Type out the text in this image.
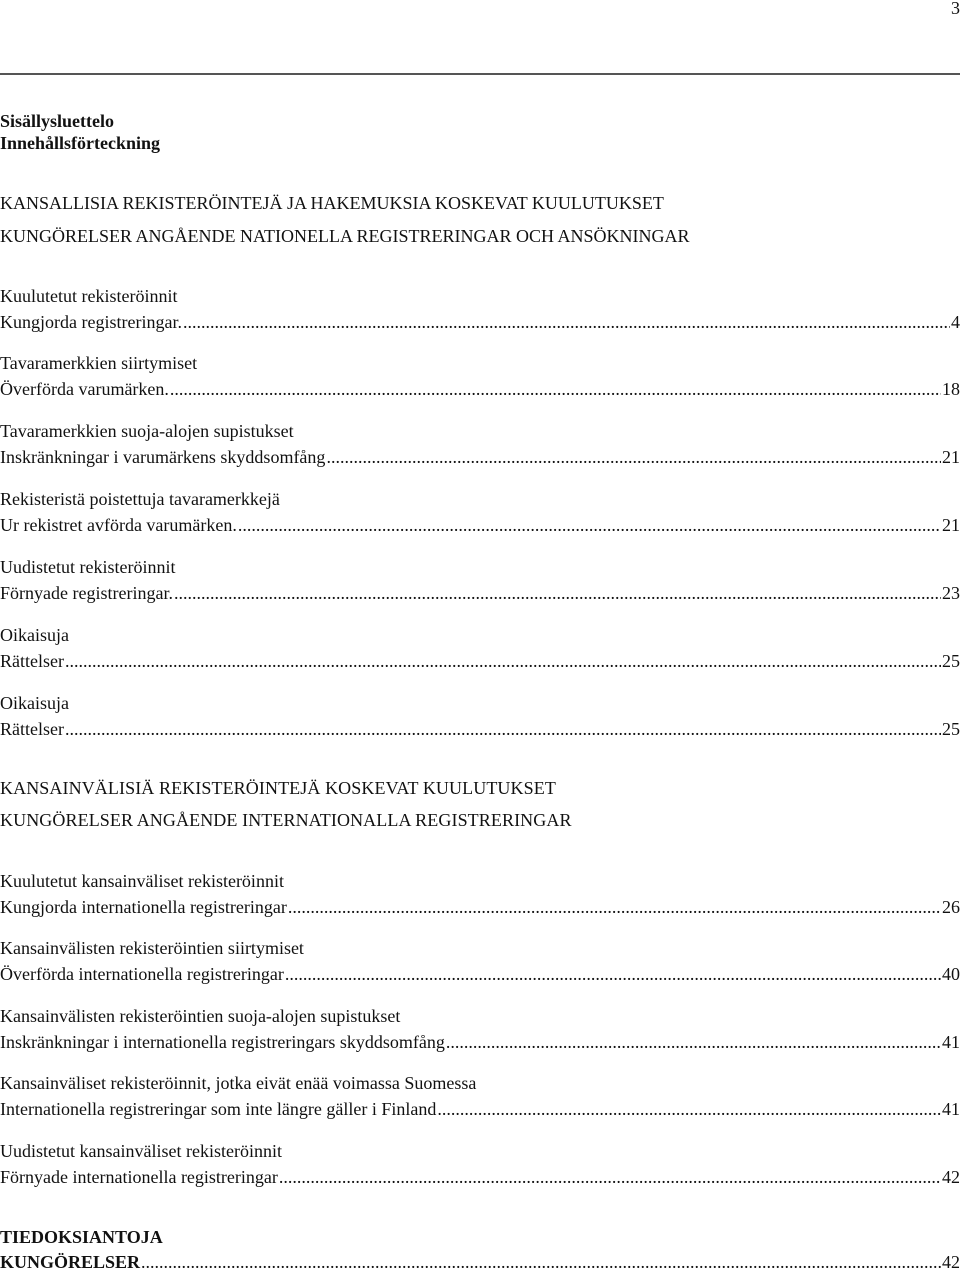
3
Sisällysluettelo
Innehållsförteckning
KANSALLISIA REKISTERÖINTEJÄ JA HAKEMUKSIA KOSKEVAT KUULUTUKSET
KUNGÖRELSER ANGÅENDE NATIONELLA REGISTRERINGAR OCH ANSÖKNINGAR
Kuulutetut rekisteröinnit
Kungjorda registreringar. .....	4
Tavaramerkkien siirtymiset
Överförda varumärken. .....	18
Tavaramerkkien suoja-alojen supistukset
Inskränkningar i varumärkens skyddsomfång .....	21
Rekisteristä poistettuja tavaramerkkejä
Ur rekistret avförda varumärken. .....	21
Uudistetut rekisteröinnit
Förnyade registreringar. .....	23
Oikaisuja
Rättelser .....	25
Oikaisuja
Rättelser .....	25
KANSAINVÄLISIÄ REKISTERÖINTEJÄ KOSKEVAT KUULUTUKSET
KUNGÖRELSER ANGÅENDE INTERNATIONALLA REGISTRERINGAR
Kuulutetut kansainväliset rekisteröinnit
Kungjorda internationella registreringar .....	26
Kansainvälisten rekisteröintien siirtymiset
Överförda internationella registreringar .....	40
Kansainvälisten rekisteröintien suoja-alojen supistukset
Inskränkningar i internationella registreringars skyddsomfång .....	41
Kansainväliset rekisteröinnit, jotka eivät enää voimassa Suomessa
Internationella registreringar som inte längre gäller i Finland .....	41
Uudistetut kansainväliset rekisteröinnit
Förnyade internationella registreringar .....	42
TIEDOKSIANTOJA
KUNGÖRELSER .....	42
